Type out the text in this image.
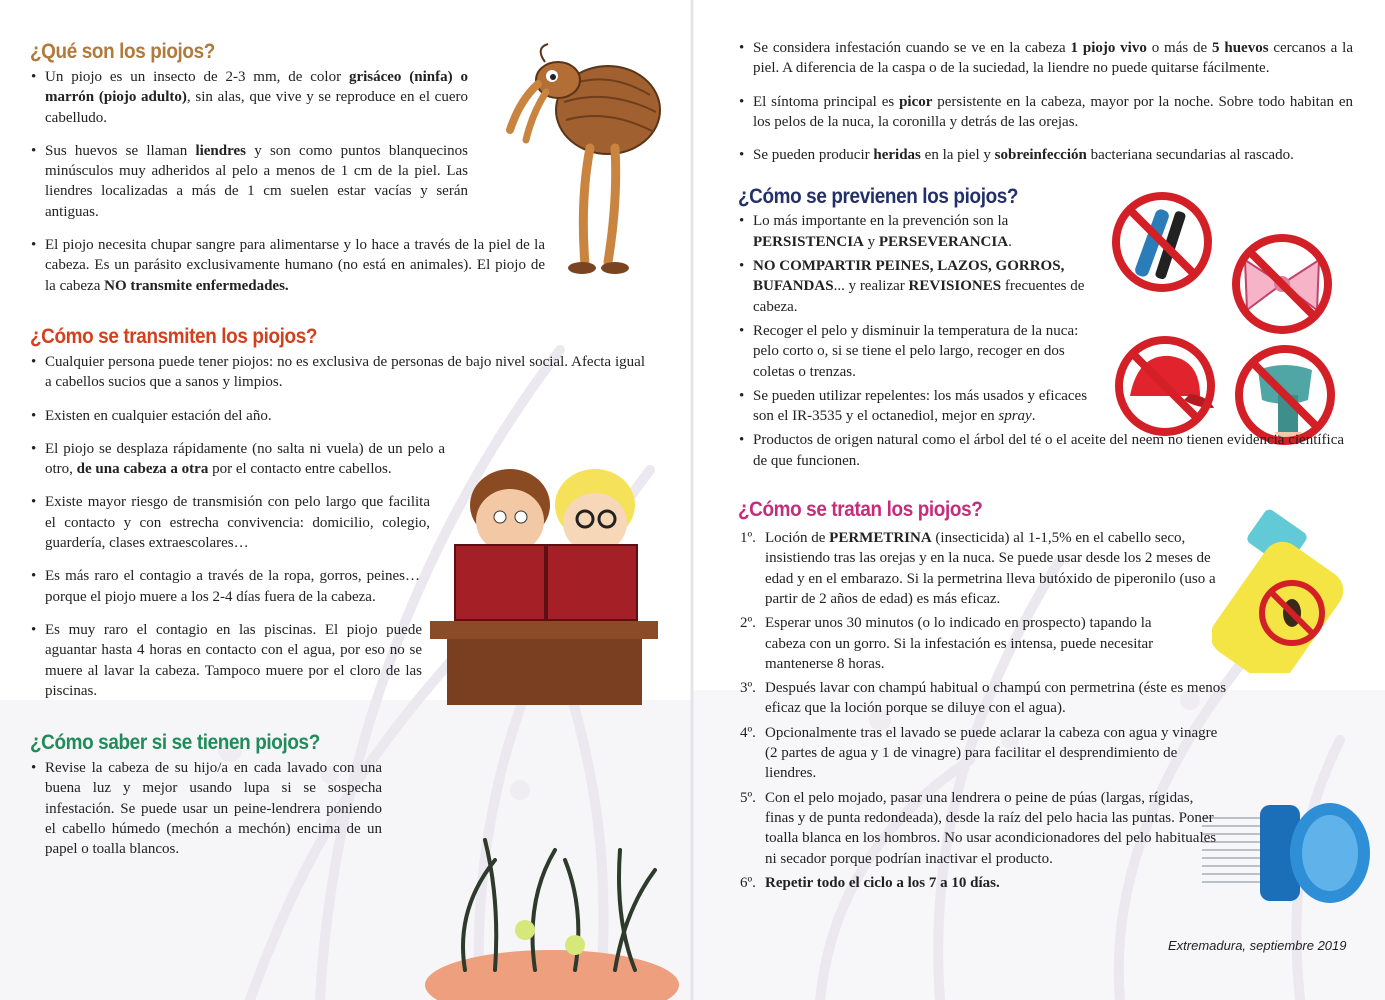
¿Qué son los piojos?
• Un piojo es un insecto de 2-3 mm, de color grisáceo (ninfa) o marrón (piojo adulto), sin alas, que vive y se reproduce en el cuero cabelludo.
• Sus huevos se llaman liendres y son como puntos blanquecinos minúsculos muy adheridos al pelo a menos de 1 cm de la piel. Las liendres localizadas a más de 1 cm suelen estar vacías y serán antiguas.
• El piojo necesita chupar sangre para alimentarse y lo hace a través de la piel de la cabeza. Es un parásito exclusivamente humano (no está en animales). El piojo de la cabeza NO transmite enfermedades.
¿Cómo se transmiten los piojos?
• Cualquier persona puede tener piojos: no es exclusiva de personas de bajo nivel social. Afecta igual a cabellos sucios que a sanos y limpios.
• Existen en cualquier estación del año.
• El piojo se desplaza rápidamente (no salta ni vuela) de un pelo a otro, de una cabeza a otra por el contacto entre cabellos.
• Existe mayor riesgo de transmisión con pelo largo que facilita el contacto y con estrecha convivencia: domicilio, colegio, guardería, clases extraescolares…
• Es más raro el contagio a través de la ropa, gorros, peines… porque el piojo muere a los 2-4 días fuera de la cabeza.
• Es muy raro el contagio en las piscinas. El piojo puede aguantar hasta 4 horas en contacto con el agua, por eso no se muere al lavar la cabeza. Tampoco muere por el cloro de las piscinas.
¿Cómo saber si se tienen piojos?
• Revise la cabeza de su hijo/a en cada lavado con una buena luz y mejor usando lupa si se sospecha infestación. Se puede usar un peine-lendrera poniendo el cabello húmedo (mechón a mechón) encima de un papel o toalla blancos.
• Se considera infestación cuando se ve en la cabeza 1 piojo vivo o más de 5 huevos cercanos a la piel. A diferencia de la caspa o de la suciedad, la liendre no puede quitarse fácilmente.
• El síntoma principal es picor persistente en la cabeza, mayor por la noche. Sobre todo habitan en los pelos de la nuca, la coronilla y detrás de las orejas.
• Se pueden producir heridas en la piel y sobreinfección bacteriana secundarias al rascado.
¿Cómo se previenen los piojos?
• Lo más importante en la prevención son la PERSISTENCIA y PERSEVERANCIA.
• NO COMPARTIR PEINES, LAZOS, GORROS, BUFANDAS... y realizar REVISIONES frecuentes de cabeza.
• Recoger el pelo y disminuir la temperatura de la nuca: pelo corto o, si se tiene el pelo largo, recoger en dos coletas o trenzas.
• Se pueden utilizar repelentes: los más usados y eficaces son el IR-3535 y el octanediol, mejor en spray.
• Productos de origen natural como el árbol del té o el aceite del neem no tienen evidencia científica de que funcionen.
¿Cómo se tratan los piojos?
1º. Loción de PERMETRINA (insecticida) al 1-1,5% en el cabello seco, insistiendo tras las orejas y en la nuca. Se puede usar desde los 2 meses de edad y en el embarazo. Si la permetrina lleva butóxido de piperonilo (uso a partir de 2 años de edad) es más eficaz.
2º. Esperar unos 30 minutos (o lo indicado en prospecto) tapando la cabeza con un gorro. Si la infestación es intensa, puede necesitar mantenerse 8 horas.
3º. Después lavar con champú habitual o champú con permetrina (éste es menos eficaz que la loción porque se diluye con el agua).
4º. Opcionalmente tras el lavado se puede aclarar la cabeza con agua y vinagre (2 partes de agua y 1 de vinagre) para facilitar el desprendimiento de liendres.
5º. Con el pelo mojado, pasar una lendrera o peine de púas (largas, rígidas, finas y de punta redondeada), desde la raíz del pelo hacia las puntas. Poner toalla blanca en los hombros. No usar acondicionadores del pelo habituales ni secador porque podrían inactivar el producto.
6º. Repetir todo el ciclo a los 7 a 10 días.
Extremadura, septiembre 2019
